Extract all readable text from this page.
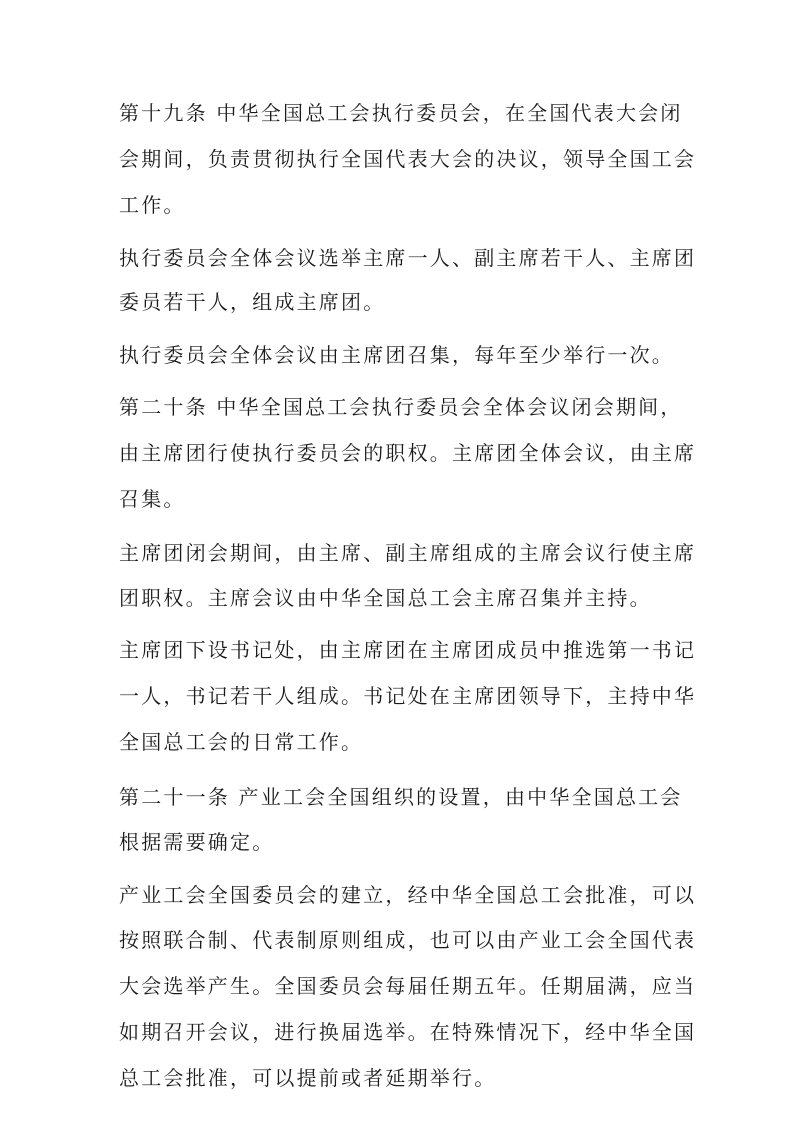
第十九条 中华全国总工会执行委员会，在全国代表大会闭
会期间，负责贯彻执行全国代表大会的决议，领导全国工会
工作。
执行委员会全体会议选举主席一人、副主席若干人、主席团
委员若干人，组成主席团。
执行委员会全体会议由主席团召集，每年至少举行一次。
第二十条 中华全国总工会执行委员会全体会议闭会期间，
由主席团行使执行委员会的职权。主席团全体会议，由主席
召集。
主席团闭会期间，由主席、副主席组成的主席会议行使主席
团职权。主席会议由中华全国总工会主席召集并主持。
主席团下设书记处，由主席团在主席团成员中推选第一书记
一人，书记若干人组成。书记处在主席团领导下，主持中华
全国总工会的日常工作。
第二十一条 产业工会全国组织的设置，由中华全国总工会
根据需要确定。
产业工会全国委员会的建立，经中华全国总工会批准，可以
按照联合制、代表制原则组成，也可以由产业工会全国代表
大会选举产生。全国委员会每届任期五年。任期届满，应当
如期召开会议，进行换届选举。在特殊情况下，经中华全国
总工会批准，可以提前或者延期举行。
